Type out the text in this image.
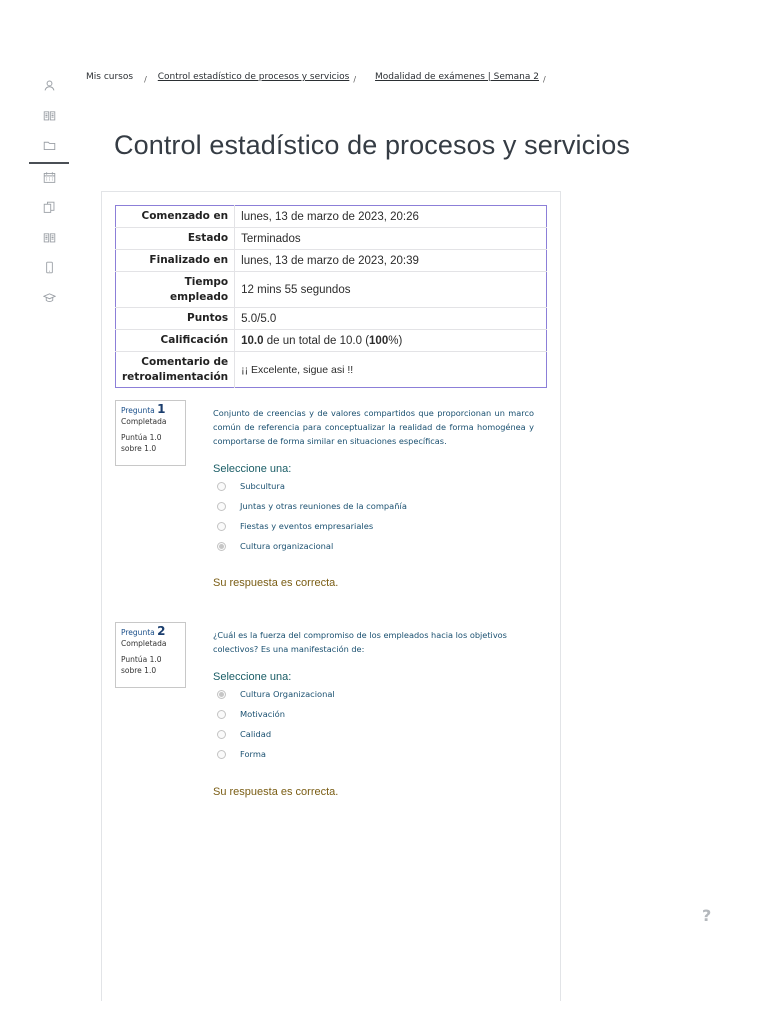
Mis cursos / Control estadístico de procesos y servicios / Modalidad de exámenes | Semana 2 /
Control estadístico de procesos y servicios
Comenzado en	lunes, 13 de marzo de 2023, 20:26
Estado	Terminados
Finalizado en	lunes, 13 de marzo de 2023, 20:39
Tiempo empleado	12 mins 55 segundos
Puntos	5.0/5.0
Calificación	10.0 de un total de 10.0 (100%)
Comentario de retroalimentación	¡¡ Excelente, sigue asi !!
Pregunta 1
Completada
Puntúa 1.0 sobre 1.0
Conjunto de creencias y de valores compartidos que proporcionan un marco común de referencia para conceptualizar la realidad de forma homogénea y comportarse de forma similar en situaciones específicas.
Seleccione una:
Subcultura
Juntas y otras reuniones de la compañía
Fiestas y eventos empresariales
Cultura organizacional
Su respuesta es correcta.
Pregunta 2
Completada
Puntúa 1.0 sobre 1.0
¿Cuál es la fuerza del compromiso de los empleados hacia los objetivos colectivos? Es una manifestación de:
Seleccione una:
Cultura Organizacional
Motivación
Calidad
Forma
Su respuesta es correcta.
?
